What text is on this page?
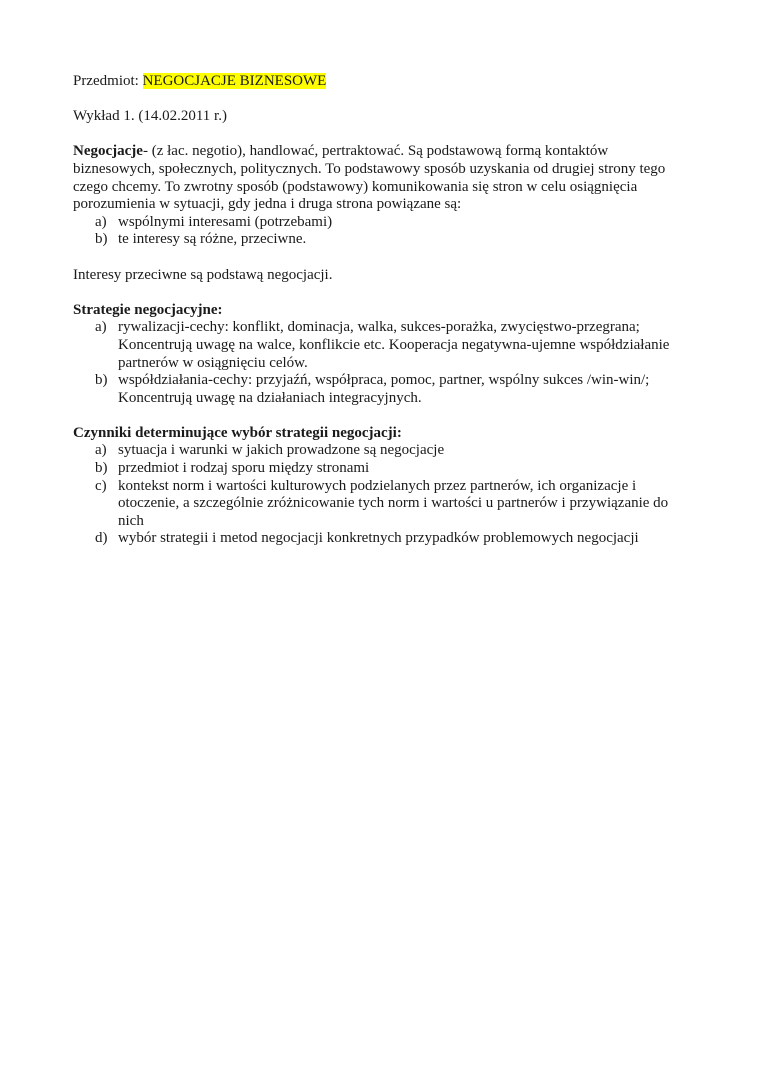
Przedmiot: NEGOCJACJE BIZNESOWE

Wykład 1. (14.02.2011 r.)

Negocjacje- (z łac. negotio), handlować, pertraktować. Są podstawową formą kontaktów biznesowych, społecznych, politycznych. To podstawowy sposób uzyskania od drugiej strony tego czego chcemy. To zwrotny sposób (podstawowy) komunikowania się stron w celu osiągnięcia porozumienia w sytuacji, gdy jedna i druga strona powiązane są:

a) wspólnymi interesami (potrzebami)
b) te interesy są różne, przeciwne.

Interesy przeciwne są podstawą negocjacji.

Strategie negocjacyjne:

a) rywalizacji-cechy: konflikt, dominacja, walka, sukces-porażka, zwycięstwo-przegrana; Koncentrują uwagę na walce, konflikcie etc. Kooperacja negatywna-ujemne współdziałanie partnerów w osiągnięciu celów.
b) współdziałania-cechy: przyjaźń, współpraca, pomoc, partner, wspólny sukces /win-win/; Koncentrują uwagę na działaniach integracyjnych.

Czynniki determinujące wybór strategii negocjacji:

a) sytuacja i warunki w jakich prowadzone są negocjacje
b) przedmiot i rodzaj sporu między stronami
c) kontekst norm i wartości kulturowych podzielanych przez partnerów, ich organizacje i otoczenie, a szczególnie zróżnicowanie tych norm i wartości u partnerów i przywiązanie do nich
d) wybór strategii i metod negocjacji konkretnych przypadków problemowych negocjacji
